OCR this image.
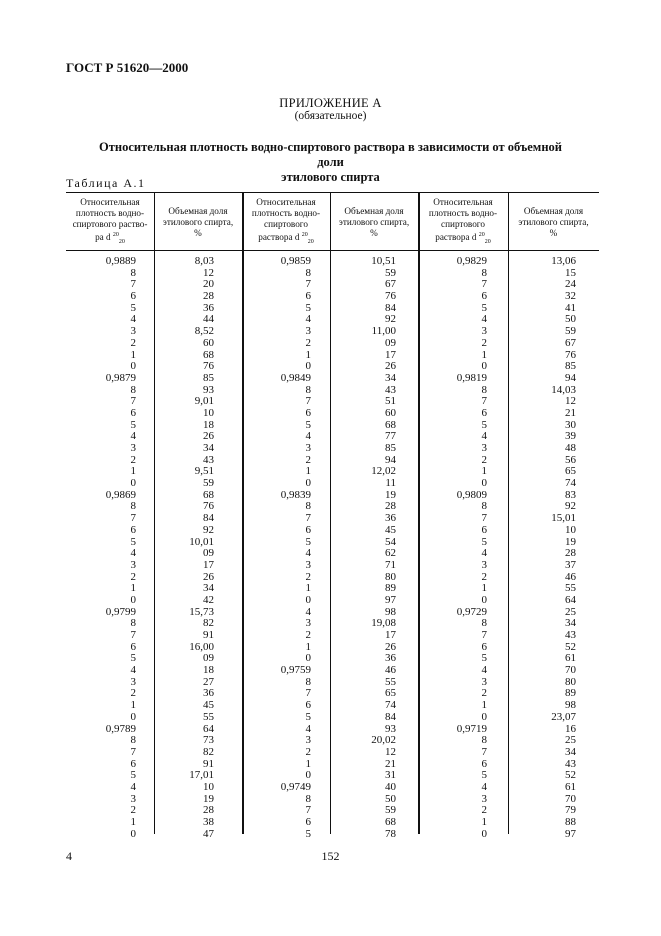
ГОСТ Р 51620—2000
ПРИЛОЖЕНИЕ А
(обязательное)
Относительная плотность водно-спиртового раствора в зависимости от объемной доли
этилового спирта
Таблица А.1
Относительная
плотность водно-
спиртового раство-
ра d $^{20}_{20}$
Объемная доля
этилового спирта,
%
Относительная
плотность водно-
спиртового
раствора d $^{20}_{20}$
Объемная доля
этилового спирта,
%
Относительная
плотность водно-
спиртового
раствора d $^{20}_{20}$
Объемная доля
этилового спирта,
%
0,9889
8
7
6
5
4
3
2
1
0
0,9879
8
7
6
5
4
3
2
1
0
0,9869
8
7
6
5
4
3
2
1
0
0,9799
8
7
6
5
4
3
2
1
0
0,9789
8
7
6
5
4
3
2
1
0
8,03
12
20
28
36
44
8,52
60
68
76
85
93
9,01
10
18
26
34
43
9,51
59
68
76
84
92
10,01
09
17
26
34
42
15,73
82
91
16,00
09
18
27
36
45
55
64
73
82
91
17,01
10
19
28
38
47
0,9859
8
7
6
5
4
3
2
1
0
0,9849
8
7
6
5
4
3
2
1
0
0,9839
8
7
6
5
4
3
2
1
0
4
3
2
1
0
0,9759
8
7
6
5
4
3
2
1
0
0,9749
8
7
6
5
10,51
59
67
76
84
92
11,00
09
17
26
34
43
51
60
68
77
85
94
12,02
11
19
28
36
45
54
62
71
80
89
97
98
19,08
17
26
36
46
55
65
74
84
93
20,02
12
21
31
40
50
59
68
78
0,9829
8
7
6
5
4
3
2
1
0
0,9819
8
7
6
5
4
3
2
1
0
0,9809
8
7
6
5
4
3
2
1
0
0,9729
8
7
6
5
4
3
2
1
0
0,9719
8
7
6
5
4
3
2
1
0
13,06
15
24
32
41
50
59
67
76
85
94
14,03
12
21
30
39
48
56
65
74
83
92
15,01
10
19
28
37
46
55
64
25
34
43
52
61
70
80
89
98
23,07
16
25
34
43
52
61
70
79
88
97
4	152
